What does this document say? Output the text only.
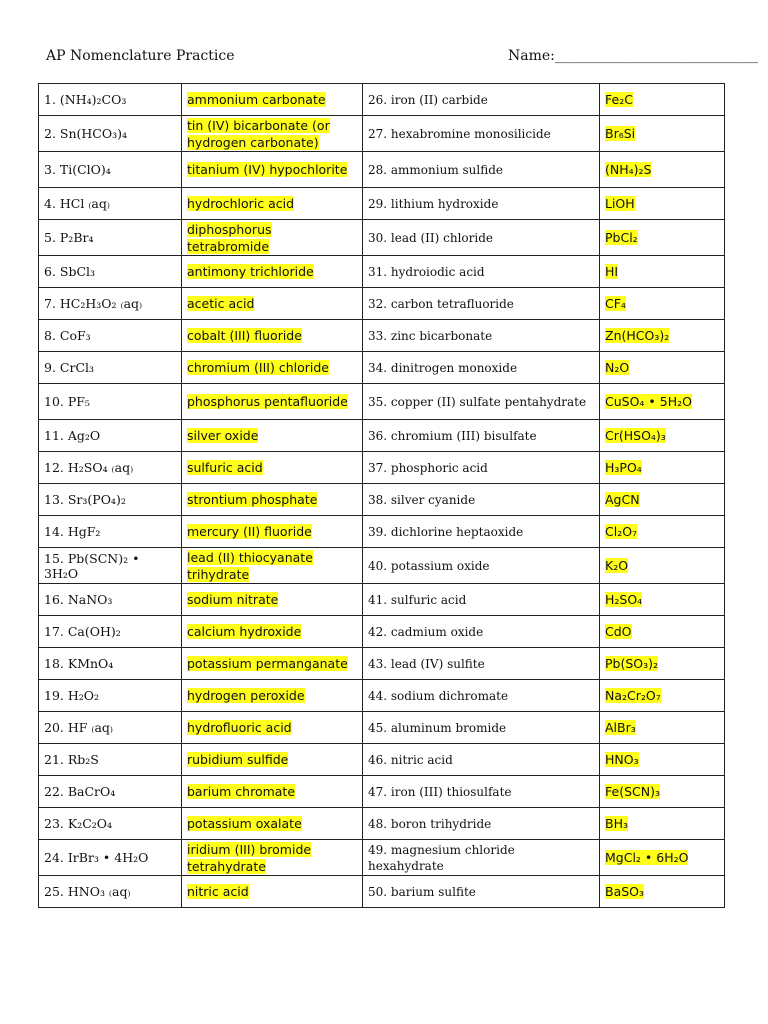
AP Nomenclature Practice	Name:_____________________________
1. (NH₄)₂CO₃	ammonium carbonate	26. iron (II) carbide	Fe₂C
2. Sn(HCO₃)₄	tin (IV) bicarbonate (or hydrogen carbonate)	27. hexabromine monosilicide	Br₆Si
3. Ti(ClO)₄	titanium (IV) hypochlorite	28. ammonium sulfide	(NH₄)₂S
4. HCl ₍aq₎	hydrochloric acid	29. lithium hydroxide	LiOH
5. P₂Br₄	diphosphorus tetrabromide	30. lead (II) chloride	PbCl₂
6. SbCl₃	antimony trichloride	31. hydroiodic acid	HI
7. HC₂H₃O₂ ₍aq₎	acetic acid	32. carbon tetrafluoride	CF₄
8. CoF₃	cobalt (III) fluoride	33. zinc bicarbonate	Zn(HCO₃)₂
9. CrCl₃	chromium (III) chloride	34. dinitrogen monoxide	N₂O
10. PF₅	phosphorus pentafluoride	35. copper (II) sulfate pentahydrate	CuSO₄ • 5H₂O
11. Ag₂O	silver oxide	36. chromium (III) bisulfate	Cr(HSO₄)₃
12. H₂SO₄ ₍aq₎	sulfuric acid	37. phosphoric acid	H₃PO₄
13. Sr₃(PO₄)₂	strontium phosphate	38. silver cyanide	AgCN
14. HgF₂	mercury (II) fluoride	39. dichlorine heptaoxide	Cl₂O₇
15. Pb(SCN)₂ • 3H₂O	lead (II) thiocyanate trihydrate	40. potassium oxide	K₂O
16. NaNO₃	sodium nitrate	41. sulfuric acid	H₂SO₄
17. Ca(OH)₂	calcium hydroxide	42. cadmium oxide	CdO
18. KMnO₄	potassium permanganate	43. lead (IV) sulfite	Pb(SO₃)₂
19. H₂O₂	hydrogen peroxide	44. sodium dichromate	Na₂Cr₂O₇
20. HF ₍aq₎	hydrofluoric acid	45. aluminum bromide	AlBr₃
21. Rb₂S	rubidium sulfide	46. nitric acid	HNO₃
22. BaCrO₄	barium chromate	47. iron (III) thiosulfate	Fe(SCN)₃
23. K₂C₂O₄	potassium oxalate	48. boron trihydride	BH₃
24. IrBr₃ • 4H₂O	iridium (III) bromide tetrahydrate	49. magnesium chloride hexahydrate	MgCl₂ • 6H₂O
25. HNO₃ ₍aq₎	nitric acid	50. barium sulfite	BaSO₃
